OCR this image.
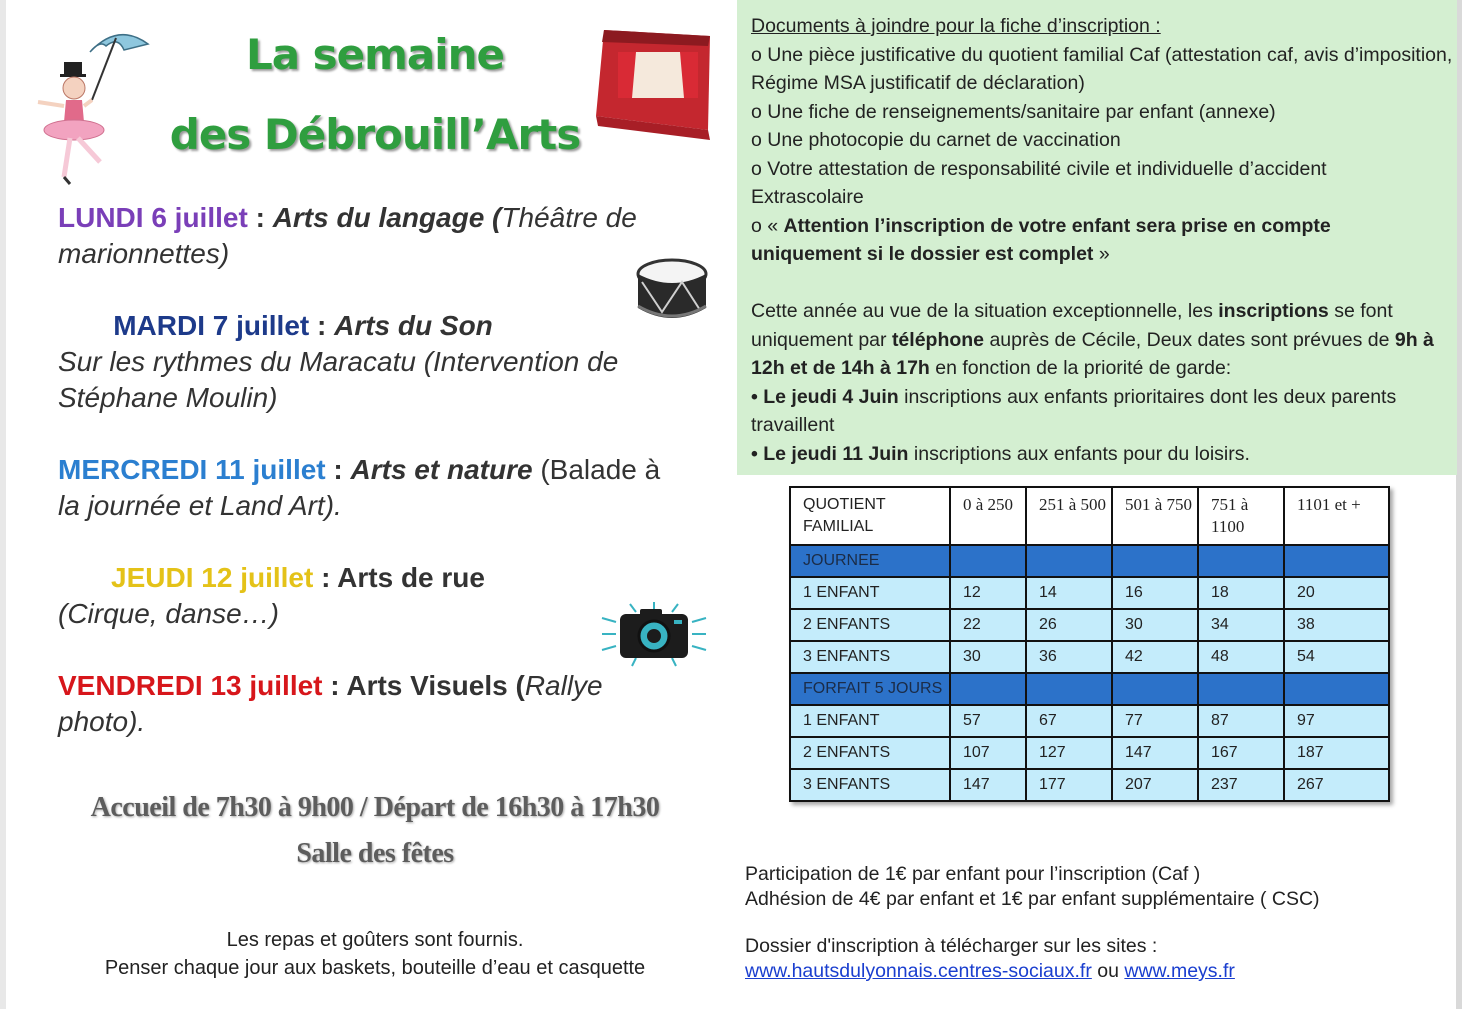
La semaine
des Débrouill’Arts
LUNDI 6 juillet : Arts du langage (Théâtre de marionnettes)
MARDI 7 juillet : Arts du Son
Sur les rythmes du Maracatu (Intervention de Stéphane Moulin)
MERCREDI 11 juillet : Arts et nature (Balade à
la journée et Land Art).
JEUDI 12 juillet : Arts de rue
(Cirque, danse…)
VENDREDI 13 juillet : Arts Visuels (Rallye
photo).
Accueil de 7h30 à 9h00 / Départ de 16h30 à 17h30
Salle des fêtes
Les repas et goûters sont fournis.
Penser chaque jour aux baskets, bouteille d’eau et casquette

Documents à joindre pour la fiche d’inscription :

o Une pièce justificative du quotient familial Caf (attestation caf, avis d’imposition, Régime MSA justificatif de déclaration)

o Une fiche de renseignements/sanitaire par enfant (annexe)

o Une photocopie du carnet de vaccination

o Votre attestation de responsabilité civile et individuelle d’accident Extrascolaire

o « Attention l’inscription de votre enfant sera prise en compte uniquement si le dossier est complet »

Cette année au vue de la situation exceptionnelle, les inscriptions se font uniquement par téléphone auprès de Cécile, Deux dates sont prévues de 9h à 12h et de 14h à 17h en fonction de la priorité de garde:

• Le jeudi 4 Juin inscriptions aux enfants prioritaires dont les deux parents travaillent

• Le jeudi 11 Juin inscriptions aux enfants pour du loisirs.

QUOTIENT FAMILIAL	0 à 250	251 à 500	501 à 750	751 à 1100	1101 et +
JOURNEE					
1 ENFANT	12	14	16	18	20
2 ENFANTS	22	26	30	34	38
3 ENFANTS	30	36	42	48	54
FORFAIT 5 JOURS					
1 ENFANT	57	67	77	87	97
2 ENFANTS	107	127	147	167	187
3 ENFANTS	147	177	207	237	267
Participation de 1€ par enfant pour l’inscription (Caf )
Adhésion de 4€ par enfant et 1€ par enfant supplémentaire ( CSC)
Dossier d'inscription à télécharger sur les sites :
www.hautsdulyonnais.centres-sociaux.fr ou www.meys.fr
